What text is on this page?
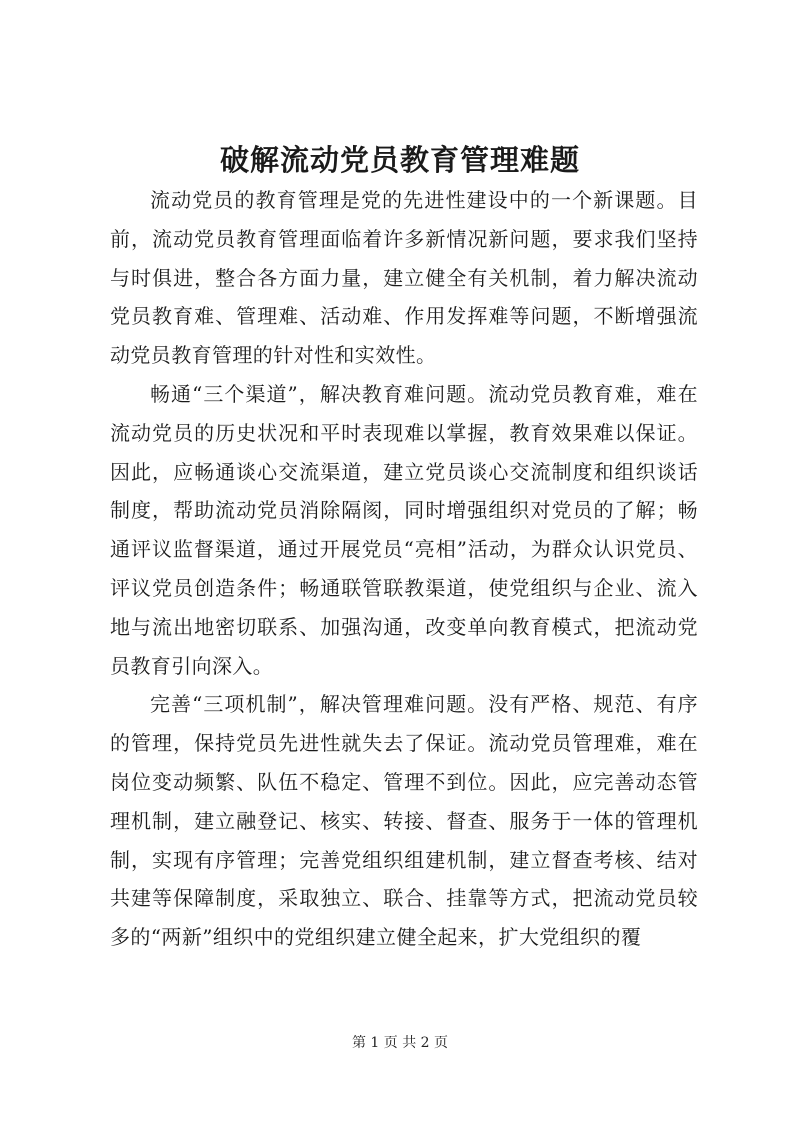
破解流动党员教育管理难题

流动党员的教育管理是党的先进性建设中的一个新课题。目前，流动党员教育管理面临着许多新情况新问题，要求我们坚持与时俱进，整合各方面力量，建立健全有关机制，着力解决流动党员教育难、管理难、活动难、作用发挥难等问题，不断增强流动党员教育管理的针对性和实效性。

畅通“三个渠道”，解决教育难问题。流动党员教育难，难在流动党员的历史状况和平时表现难以掌握，教育效果难以保证。因此，应畅通谈心交流渠道，建立党员谈心交流制度和组织谈话制度，帮助流动党员消除隔阂，同时增强组织对党员的了解；畅通评议监督渠道，通过开展党员“亮相”活动，为群众认识党员、评议党员创造条件；畅通联管联教渠道，使党组织与企业、流入地与流出地密切联系、加强沟通，改变单向教育模式，把流动党员教育引向深入。

完善“三项机制”，解决管理难问题。没有严格、规范、有序的管理，保持党员先进性就失去了保证。流动党员管理难，难在岗位变动频繁、队伍不稳定、管理不到位。因此，应完善动态管理机制，建立融登记、核实、转接、督查、服务于一体的管理机制，实现有序管理；完善党组织组建机制，建立督查考核、结对共建等保障制度，采取独立、联合、挂靠等方式，把流动党员较多的“两新”组织中的党组织建立健全起来，扩大党组织的覆

第 1 页 共 2 页
